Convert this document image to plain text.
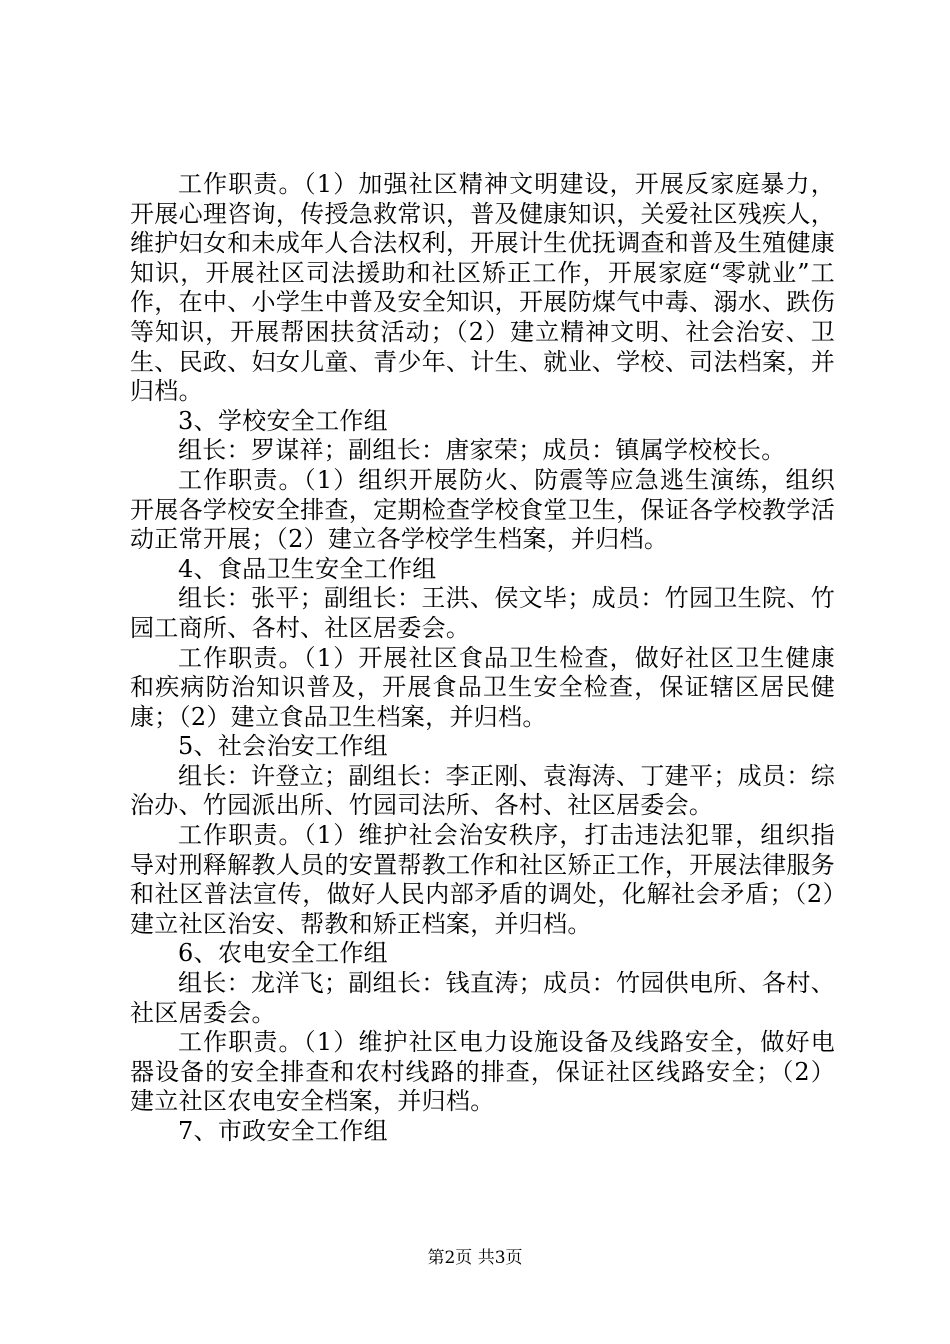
工作职责。（1）加强社区精神文明建设，开展反家庭暴力，开展心理咨询，传授急救常识，普及健康知识，关爱社区残疾人，维护妇女和未成年人合法权利，开展计生优抚调查和普及生殖健康知识，开展社区司法援助和社区矫正工作，开展家庭“零就业”工作，在中、小学生中普及安全知识，开展防煤气中毒、溺水、跌伤等知识，开展帮困扶贫活动；（2）建立精神文明、社会治安、卫生、民政、妇女儿童、青少年、计生、就业、学校、司法档案，并归档。

3、学校安全工作组

组长：罗谋祥；副组长：唐家荣；成员：镇属学校校长。

工作职责。（1）组织开展防火、防震等应急逃生演练，组织开展各学校安全排查，定期检查学校食堂卫生，保证各学校教学活动正常开展；（2）建立各学校学生档案，并归档。

4、食品卫生安全工作组

组长：张平；副组长：王洪、侯文毕；成员：竹园卫生院、竹园工商所、各村、社区居委会。

工作职责。（1）开展社区食品卫生检查，做好社区卫生健康和疾病防治知识普及，开展食品卫生安全检查，保证辖区居民健康；（2）建立食品卫生档案，并归档。

5、社会治安工作组

组长：许登立；副组长：李正刚、袁海涛、丁建平；成员：综治办、竹园派出所、竹园司法所、各村、社区居委会。

工作职责。（1）维护社会治安秩序，打击违法犯罪，组织指导对刑释解教人员的安置帮教工作和社区矫正工作，开展法律服务和社区普法宣传，做好人民内部矛盾的调处，化解社会矛盾；（2）建立社区治安、帮教和矫正档案，并归档。

6、农电安全工作组

组长：龙洋飞；副组长：钱直涛；成员：竹园供电所、各村、社区居委会。

工作职责。（1）维护社区电力设施设备及线路安全，做好电器设备的安全排查和农村线路的排查，保证社区线路安全；（2）建立社区农电安全档案，并归档。

7、市政安全工作组

第2页 共3页
